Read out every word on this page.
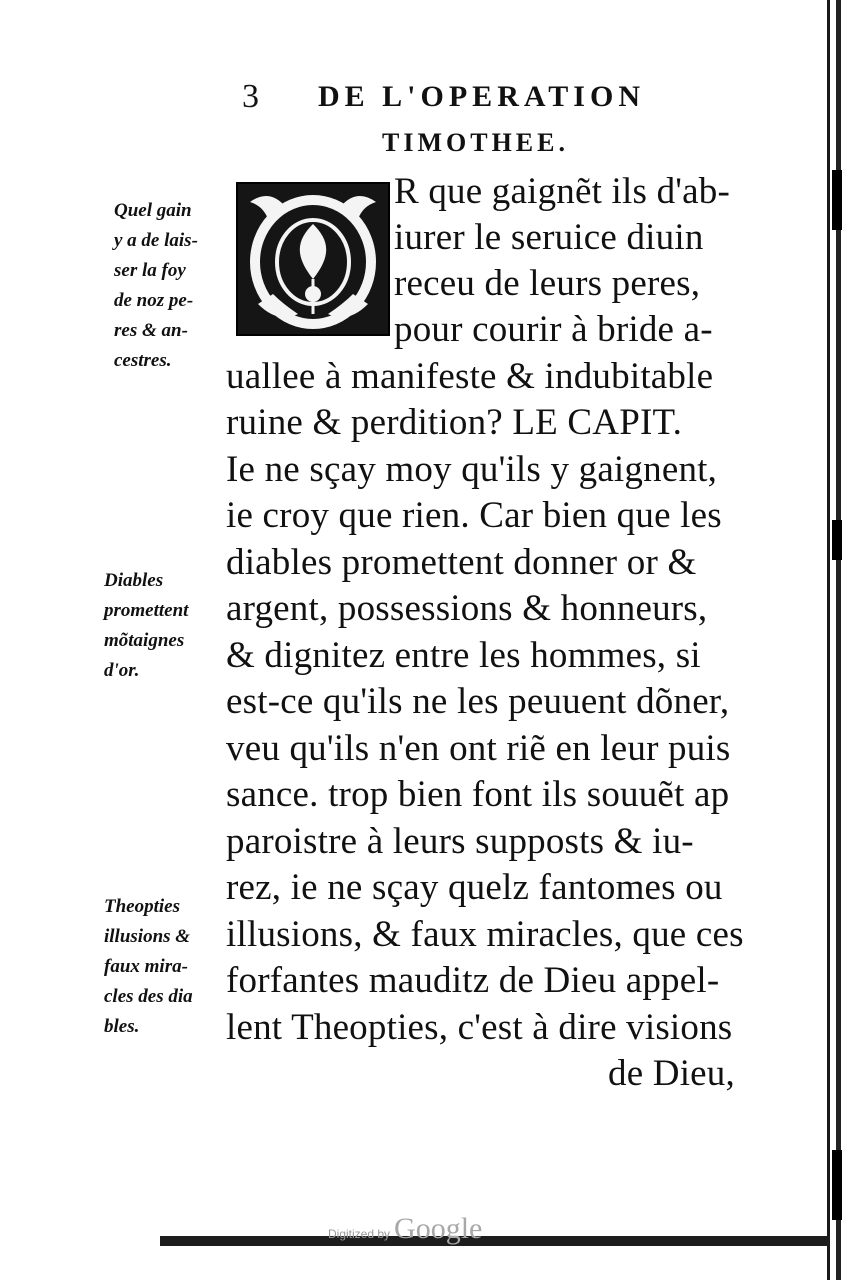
3 DE L'OPERATION
TIMOTHEE.
R que gaignẽt ils d'ab-
iurer le seruice diuin
receu de leurs peres,
pour courir à bride a-
uallee à manifeste & indubitable
ruine & perdition? LE CAPIT.
Ie ne sçay moy qu'ils y gaignent,
ie croy que rien. Car bien que les
diables promettent donner or &
argent, possessions & honneurs,
& dignitez entre les hommes, si
est-ce qu'ils ne les peuuent dõner,
veu qu'ils n'en ont riẽ en leur puis
sance. trop bien font ils souuẽt ap
paroistre à leurs supposts & iu-
rez, ie ne sçay quelz fantomes ou
illusions, & faux miracles, que ces
forfantes mauditz de Dieu appel-
lent Theopties, c'est à dire visions
de Dieu,
Quel gain
y a de lais-
ser la foy
de noz pe-
res & an-
cestres.
Diables
promettent
mõtaignes
d'or.
Theopties
illusions &
faux mira-
cles des dia
bles.
Digitized by Google
